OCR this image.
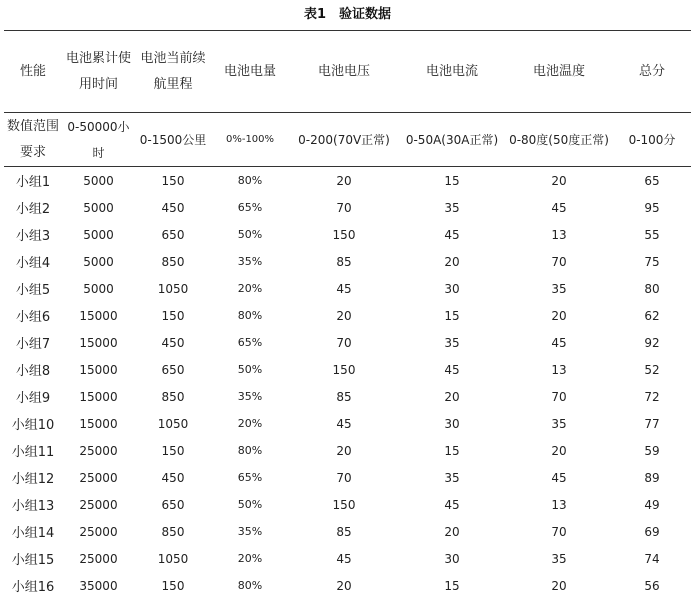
表1　验证数据
性能	电池累计使用时间	电池当前续航里程	电池电量	电池电压	电池电流	电池温度	总分
数值范围要求	0-50000小时	0-1500公里	0%-100%	0-200(70V正常)	0-50A(30A正常)	0-80度(50度正常)	0-100分
小组1	5000	150	80%	20	15	20	65
小组2	5000	450	65%	70	35	45	95
小组3	5000	650	50%	150	45	13	55
小组4	5000	850	35%	85	20	70	75
小组5	5000	1050	20%	45	30	35	80
小组6	15000	150	80%	20	15	20	62
小组7	15000	450	65%	70	35	45	92
小组8	15000	650	50%	150	45	13	52
小组9	15000	850	35%	85	20	70	72
小组10	15000	1050	20%	45	30	35	77
小组11	25000	150	80%	20	15	20	59
小组12	25000	450	65%	70	35	45	89
小组13	25000	650	50%	150	45	13	49
小组14	25000	850	35%	85	20	70	69
小组15	25000	1050	20%	45	30	35	74
小组16	35000	150	80%	20	15	20	56
